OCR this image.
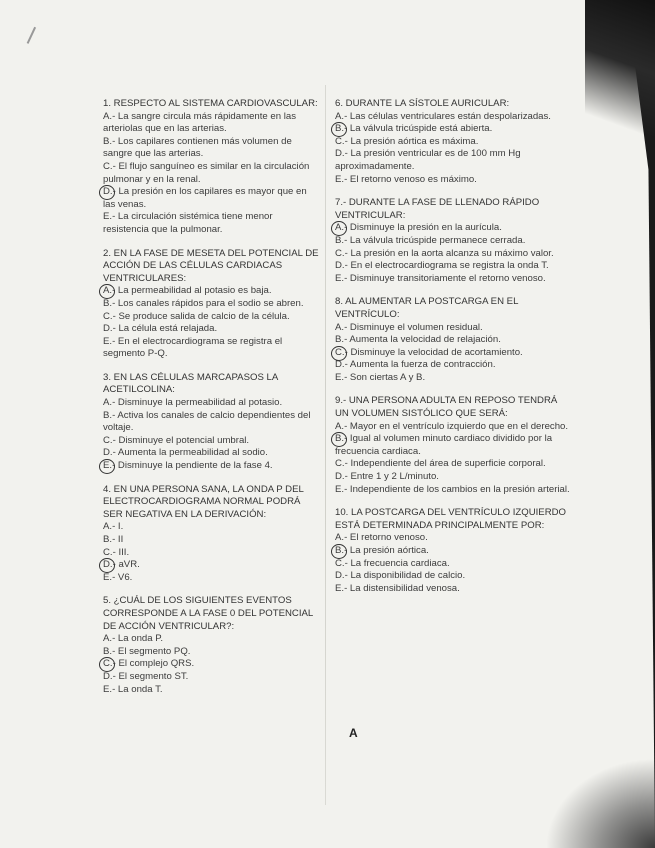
1. RESPECTO AL SISTEMA CARDIOVASCULAR:
A.- La sangre circula más rápidamente en las arteriolas que en las arterias.
B.- Los capilares contienen más volumen de sangre que las arterias.
C.- El flujo sanguíneo es similar en la circulación pulmonar y en la renal.
D.- La presión en los capilares es mayor que en las venas.
E.- La circulación sistémica tiene menor resistencia que la pulmonar.
2. EN LA FASE DE MESETA DEL POTENCIAL DE ACCIÓN DE LAS CÉLULAS CARDIACAS VENTRICULARES:
A.- La permeabilidad al potasio es baja.
B.- Los canales rápidos para el sodio se abren.
C.- Se produce salida de calcio de la célula.
D.- La célula está relajada.
E.- En el electrocardiograma se registra el segmento P-Q.
3. EN LAS CÉLULAS MARCAPASOS LA ACETILCOLINA:
A.- Disminuye la permeabilidad al potasio.
B.- Activa los canales de calcio dependientes del voltaje.
C.- Disminuye el potencial umbral.
D.- Aumenta la permeabilidad al sodio.
E.- Disminuye la pendiente de la fase 4.
4. EN UNA PERSONA SANA, LA ONDA P DEL ELECTROCARDIOGRAMA NORMAL PODRÁ SER NEGATIVA EN LA DERIVACIÓN:
A.- I.
B.- II
C.- III.
D.- aVR.
E.- V6.
5. ¿CUÁL DE LOS SIGUIENTES EVENTOS CORRESPONDE A LA FASE 0 DEL POTENCIAL DE ACCIÓN VENTRICULAR?:
A.- La onda P.
B.- El segmento PQ.
C.- El complejo QRS.
D.- El segmento ST.
E.- La onda T.
6. DURANTE LA SÍSTOLE AURICULAR:
A.- Las células ventriculares están despolarizadas.
B.- La válvula tricúspide está abierta.
C.- La presión aórtica es máxima.
D.- La presión ventricular es de 100 mm Hg aproximadamente.
E.- El retorno venoso es máximo.
7.- DURANTE LA FASE DE LLENADO RÁPIDO VENTRICULAR:
A.- Disminuye la presión en la aurícula.
B.- La válvula tricúspide permanece cerrada.
C.- La presión en la aorta alcanza su máximo valor.
D.- En el electrocardiograma se registra la onda T.
E.- Disminuye transitoriamente el retorno venoso.
8. AL AUMENTAR LA POSTCARGA EN EL VENTRÍCULO:
A.- Disminuye el volumen residual.
B.- Aumenta la velocidad de relajación.
C.- Disminuye la velocidad de acortamiento.
D.- Aumenta la fuerza de contracción.
E.- Son ciertas A y B.
9.- UNA PERSONA ADULTA EN REPOSO TENDRÁ UN VOLUMEN SISTÓLICO QUE SERÁ:
A.- Mayor en el ventrículo izquierdo que en el derecho.
B.- Igual al volumen minuto cardiaco dividido por la frecuencia cardiaca.
C.- Independiente del área de superficie corporal.
D.- Entre 1 y 2 L/minuto.
E.- Independiente de los cambios en la presión arterial.
10. LA POSTCARGA DEL VENTRÍCULO IZQUIERDO ESTÁ DETERMINADA PRINCIPALMENTE POR:
A.- El retorno venoso.
B.- La presión aórtica.
C.- La frecuencia cardiaca.
D.- La disponibilidad de calcio.
E.- La distensibilidad venosa.
A
